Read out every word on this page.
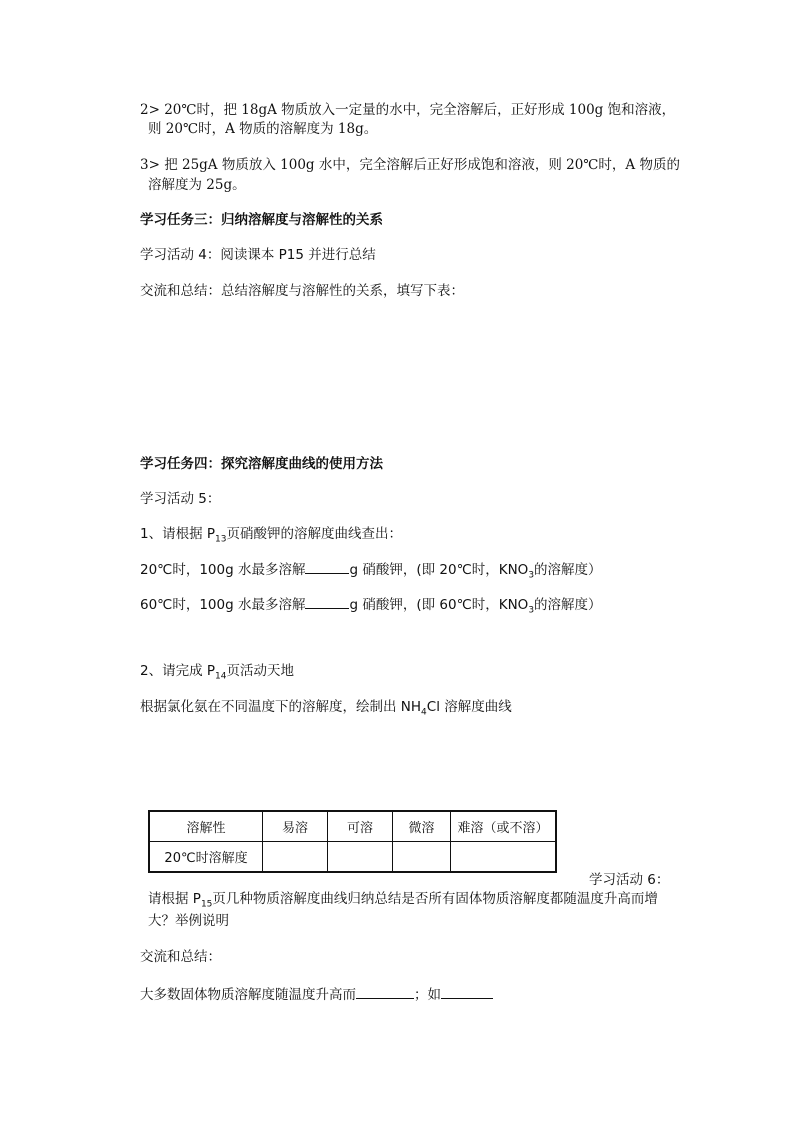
2> 20℃时，把 18gA 物质放入一定量的水中，完全溶解后，正好形成 100g 饱和溶液，
则 20℃时，A 物质的溶解度为 18g。
3> 把 25gA 物质放入 100g 水中，完全溶解后正好形成饱和溶液，则 20℃时，A 物质的
溶解度为 25g。
学习任务三：归纳溶解度与溶解性的关系
学习活动 4：阅读课本 P15 并进行总结
交流和总结：总结溶解度与溶解性的关系，填写下表：
学习任务四：探究溶解度曲线的使用方法
学习活动 5：
1、请根据 $P_{13}$页硝酸钾的溶解度曲线查出：
20℃时，100g 水最多溶解	g 硝酸钾，(即 20℃时，$KNO_3$的溶解度）
60℃时，100g 水最多溶解	g 硝酸钾，(即 60℃时，$KNO_3$的溶解度）
2、请完成 $P_{14}$页活动天地
根据氯化氨在不同温度下的溶解度，绘制出 $NH_4Cl$ 溶解度曲线
溶解性	易溶	可溶	微溶	难溶（或不溶）
20℃时溶解度				
学习活动 6：
请根据 $P_{15}$页几种物质溶解度曲线归纳总结是否所有固体物质溶解度都随温度升高而增
大？举例说明
交流和总结：
大多数固体物质溶解度随温度升高而	；如
